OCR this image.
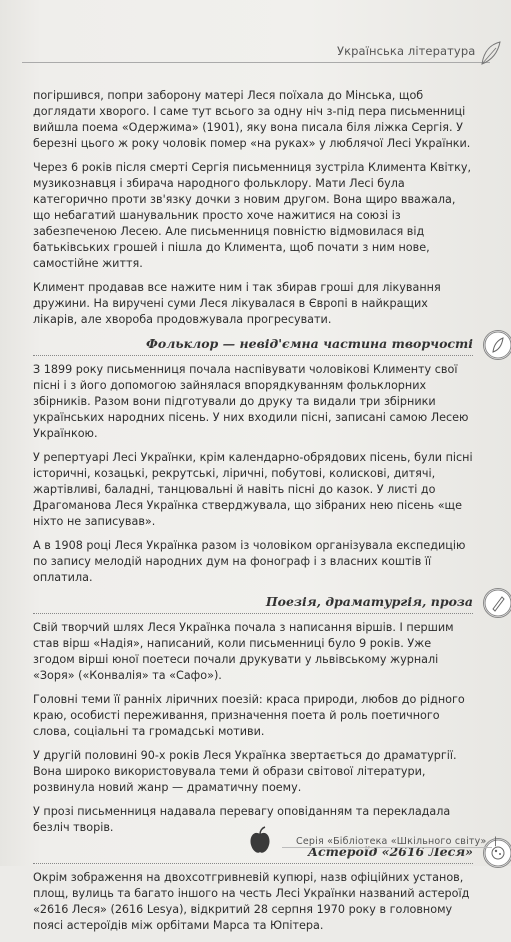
Українська література

погіршився, попри заборону матері Леся поїхала до Мінська, щоб доглядати хворого. І саме тут всього за одну ніч з-під пера письменниці вийшла поема «Одержима» (1901), яку вона писала біля ліжка Сергія. У березні цього ж року чоловік помер «на руках» у люблячої Лесі Українки.

Через 6 років після смерті Сергія письменниця зустріла Климента Квітку, музикознавця і збирача народного фольклору. Мати Лесі була категорично проти зв'язку дочки з новим другом. Вона щиро вважала, що небагатий шанувальник просто хоче нажитися на союзі із забезпеченою Лесею. Але письменниця повністю відмовилася від батьківських грошей і пішла до Климента, щоб почати з ним нове, самостійне життя.

Климент продавав все нажите ним і так збирав гроші для лікування дружини. На вирученi суми Леся лікувалася в Європі в найкращих лікарів, але хвороба продовжувала прогресувати.

Фольклор — невід'ємна частина творчості

З 1899 року письменниця почала наспівувати чоловікові Клименту свої пісні і з його допомогою зайнялася впорядкуванням фольклорних збірників. Разом вони підготували до друку та видали три збірники українських народних пісень. У них входили пісні, записані самою Лесею Українкою.

У репертуарі Лесі Українки, крім календарно-обрядових пісень, були пісні історичні, козацькі, рекрутські, ліричні, побутові, колискові, дитячі, жартівливі, баладні, танцювальні й навіть пісні до казок. У листі до Драгоманова Леся Українка стверджувала, що зібраних нею пісень «ще ніхто не записував».

А в 1908 році Леся Українка разом із чоловіком організувала експедицію по запису мелодій народних дум на фонограф і з власних коштів її оплатила.

Поезія, драматургія, проза

Свій творчий шлях Леся Українка почала з написання віршів. І першим став вірш «Надія», написаний, коли письменниці було 9 років. Уже згодом вірші юної поетеси почали друкувати у львівському журналі «Зоря» («Конвалія» та «Сафо»).

Головні теми її ранніх ліричних поезій: краса природи, любов до рідного краю, особисті переживання, призначення поета й роль поетичного слова, соціальні та громадські мотиви.

У другій половині 90-х років Леся Українка звертається до драматургії. Вона широко використовувала теми й образи світової літератури, розвинула новий жанр — драматичну поему.

У прозі письменниця надавала перевагу оповіданням та перекладала безліч творів.

Астероїд «2616 Леся»

Окрім зображення на двохсотгривневій купюрі, назв офіційних установ, площ, вулиць та багато іншого на честь Лесі Українки названий астероїд «2616 Леся» (2616 Lesya), відкритий 28 серпня 1970 року в головному поясі астероїдів між орбітами Марса та Юпітера.

Серія «Бібліотека «Шкільного світу» |
